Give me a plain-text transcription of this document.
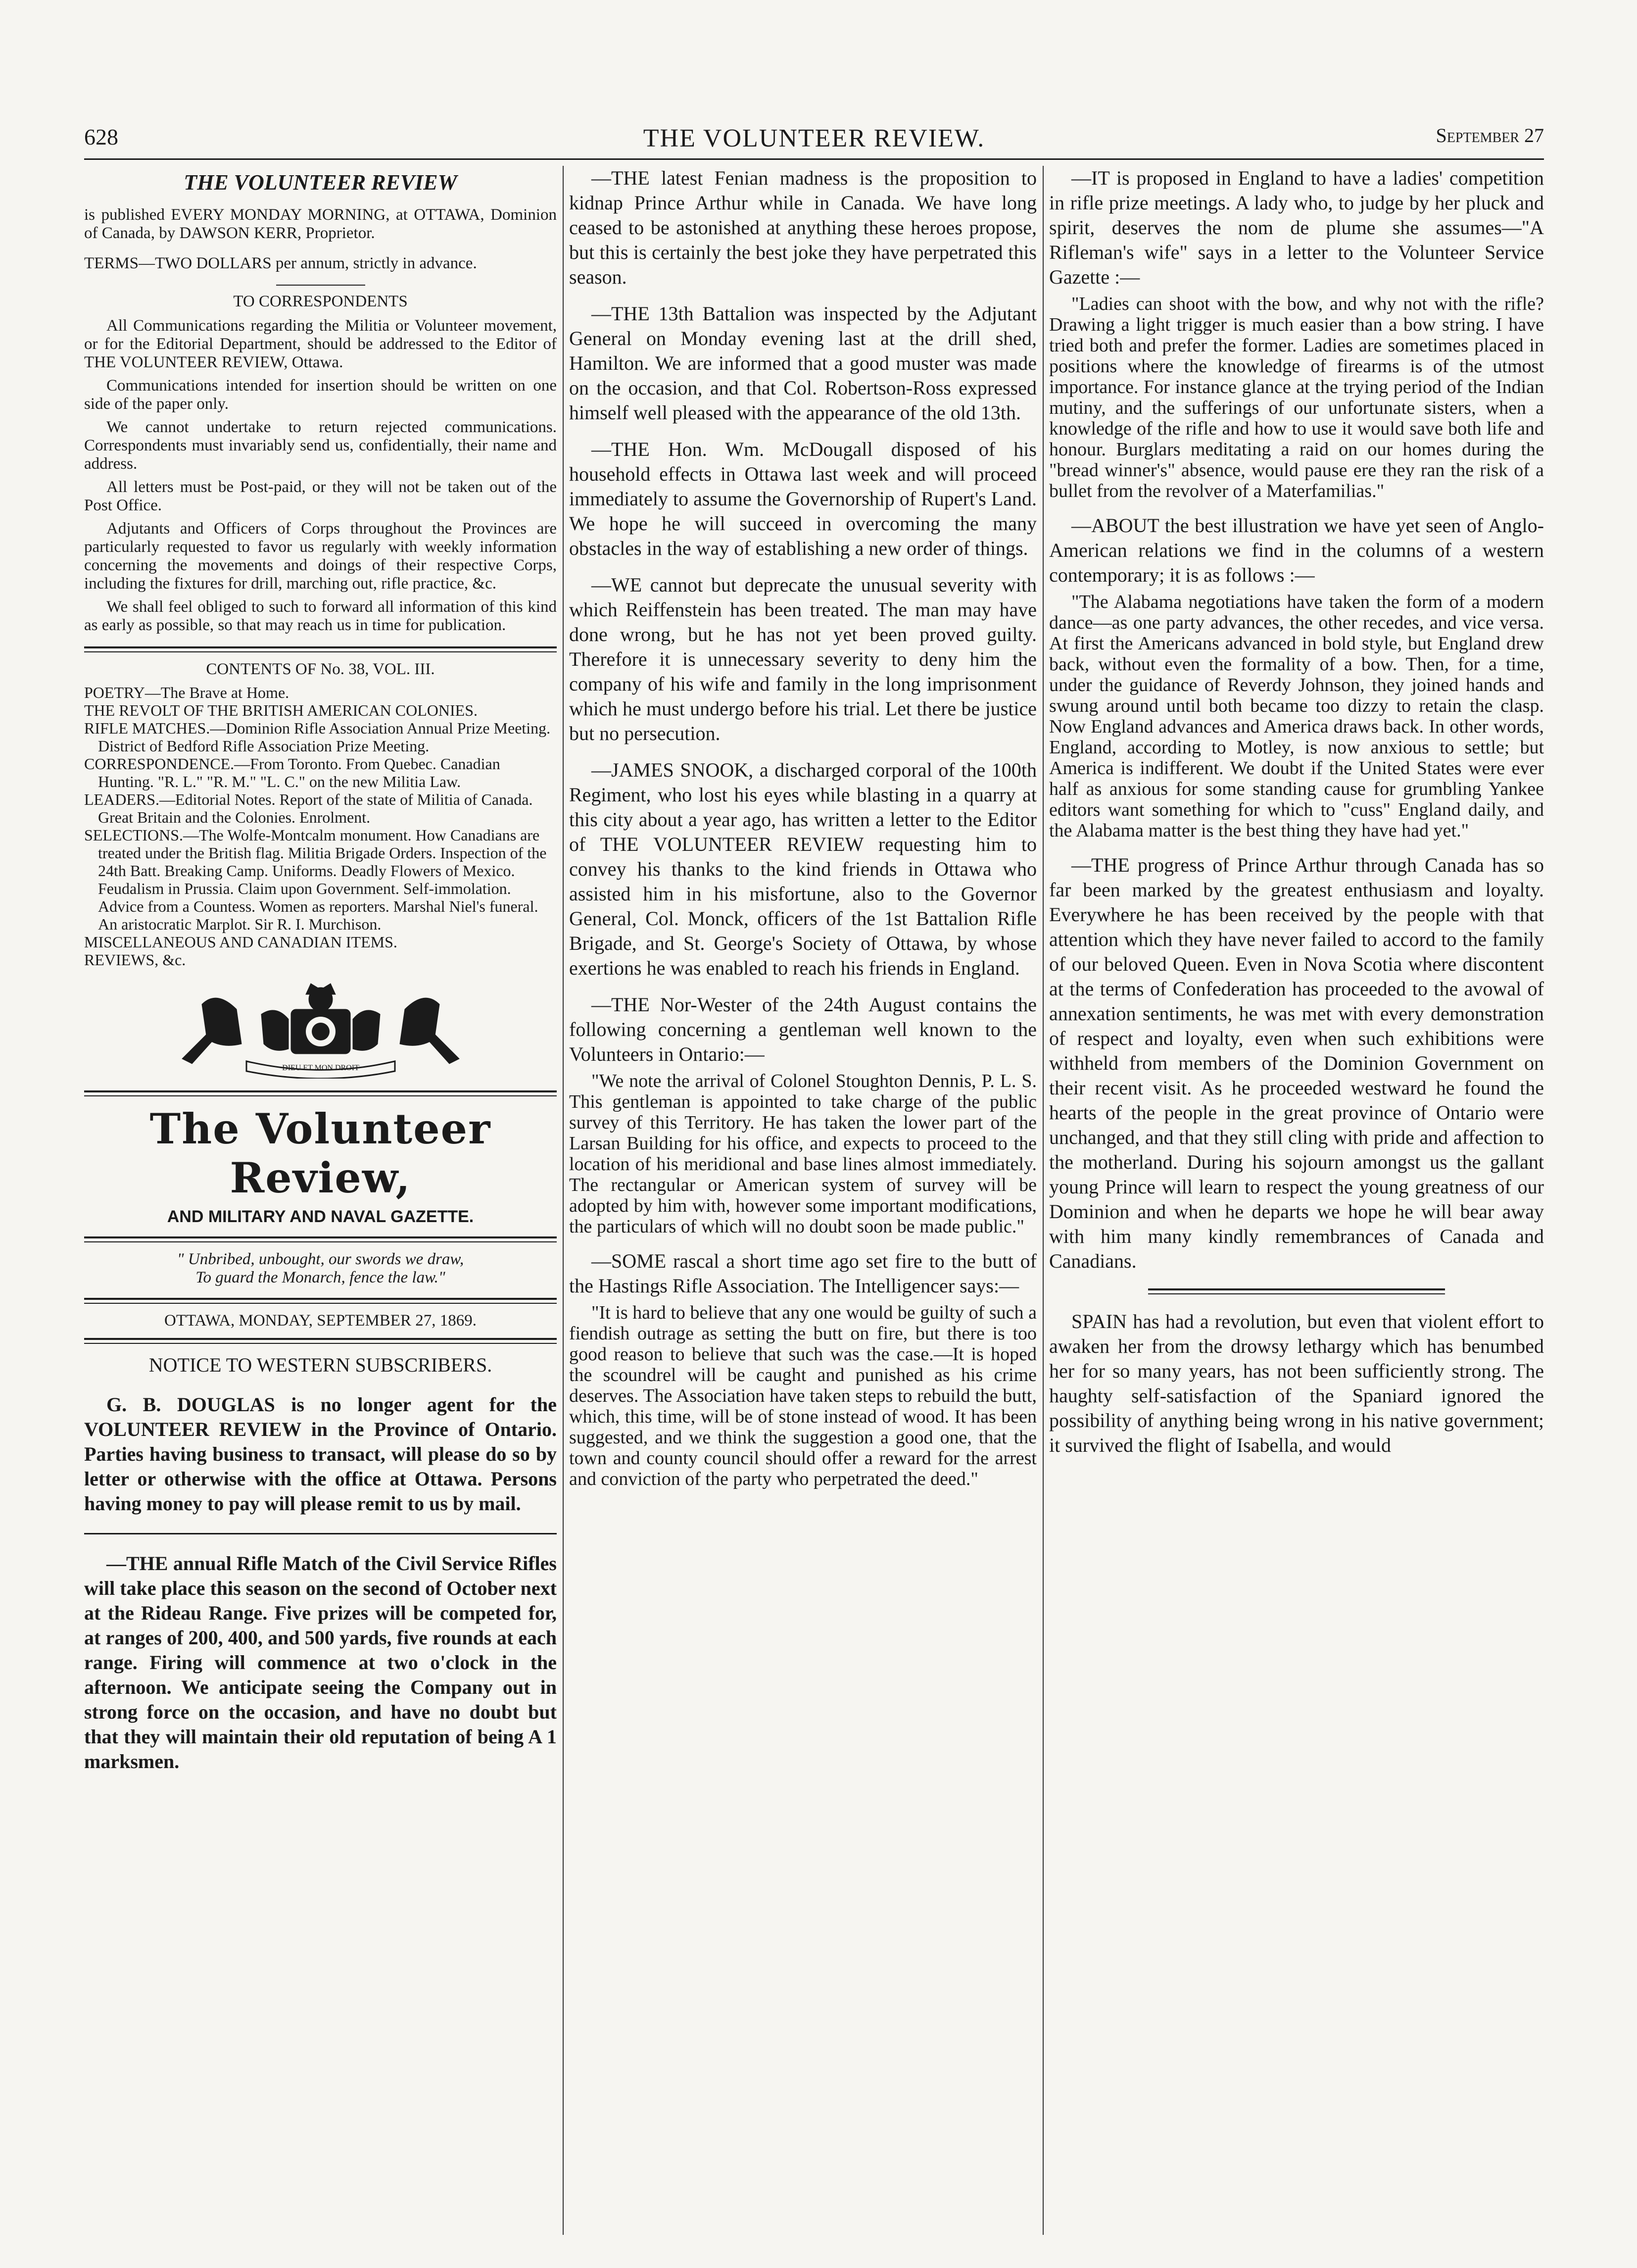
628	THE VOLUNTEER REVIEW.	September 27
THE VOLUNTEER REVIEW

is published EVERY MONDAY MORNING, at OTTAWA, Dominion of Canada, by DAWSON KERR, Proprietor.

TERMS—TWO DOLLARS per annum, strictly in advance.

TO CORRESPONDENTS

All Communications regarding the Militia or Volunteer movement, or for the Editorial Department, should be addressed to the Editor of THE VOLUNTEER REVIEW, Ottawa.

Communications intended for insertion should be written on one side of the paper only.

We cannot undertake to return rejected communications. Correspondents must invariably send us, confidentially, their name and address.

All letters must be Post-paid, or they will not be taken out of the Post Office.

Adjutants and Officers of Corps throughout the Provinces are particularly requested to favor us regularly with weekly information concerning the movements and doings of their respective Corps, including the fixtures for drill, marching out, rifle practice, &c.

We shall feel obliged to such to forward all information of this kind as early as possible, so that may reach us in time for publication.

CONTENTS OF No. 38, VOL. III.

POETRY—The Brave at Home.

THE REVOLT OF THE BRITISH AMERICAN COLONIES.

RIFLE MATCHES.—Dominion Rifle Association Annual Prize Meeting. District of Bedford Rifle Association Prize Meeting.

CORRESPONDENCE.—From Toronto. From Quebec. Canadian Hunting. "R. L." "R. M." "L. C." on the new Militia Law.

LEADERS.—Editorial Notes. Report of the state of Militia of Canada. Great Britain and the Colonies. Enrolment.

SELECTIONS.—The Wolfe-Montcalm monument. How Canadians are treated under the British flag. Militia Brigade Orders. Inspection of the 24th Batt. Breaking Camp. Uniforms. Deadly Flowers of Mexico. Feudalism in Prussia. Claim upon Government. Self-immolation. Advice from a Countess. Women as reporters. Marshal Niel's funeral. An aristocratic Marplot. Sir R. I. Murchison.

MISCELLANEOUS AND CANADIAN ITEMS.

REVIEWS, &c.

DIEU ET MON DROIT
The Volunteer Review,
AND MILITARY AND NAVAL GAZETTE.
" Unbribed, unbought, our swords we draw,
To guard the Monarch, fence the law."
OTTAWA, MONDAY, SEPTEMBER 27, 1869.
NOTICE TO WESTERN SUBSCRIBERS.

G. B. DOUGLAS is no longer agent for the VOLUNTEER REVIEW in the Province of Ontario. Parties having business to transact, will please do so by letter or otherwise with the office at Ottawa. Persons having money to pay will please remit to us by mail.

—THE annual Rifle Match of the Civil Service Rifles will take place this season on the second of October next at the Rideau Range. Five prizes will be competed for, at ranges of 200, 400, and 500 yards, five rounds at each range. Firing will commence at two o'clock in the afternoon. We anticipate seeing the Company out in strong force on the occasion, and have no doubt but that they will maintain their old reputation of being A 1 marksmen.

—THE latest Fenian madness is the proposition to kidnap Prince Arthur while in Canada. We have long ceased to be astonished at anything these heroes propose, but this is certainly the best joke they have perpetrated this season.

—THE 13th Battalion was inspected by the Adjutant General on Monday evening last at the drill shed, Hamilton. We are informed that a good muster was made on the occasion, and that Col. Robertson-Ross expressed himself well pleased with the appearance of the old 13th.

—THE Hon. Wm. McDougall disposed of his household effects in Ottawa last week and will proceed immediately to assume the Governorship of Rupert's Land. We hope he will succeed in overcoming the many obstacles in the way of establishing a new order of things.

—WE cannot but deprecate the unusual severity with which Reiffenstein has been treated. The man may have done wrong, but he has not yet been proved guilty. Therefore it is unnecessary severity to deny him the company of his wife and family in the long imprisonment which he must undergo before his trial. Let there be justice but no persecution.

—JAMES SNOOK, a discharged corporal of the 100th Regiment, who lost his eyes while blasting in a quarry at this city about a year ago, has written a letter to the Editor of THE VOLUNTEER REVIEW requesting him to convey his thanks to the kind friends in Ottawa who assisted him in his misfortune, also to the Governor General, Col. Monck, officers of the 1st Battalion Rifle Brigade, and St. George's Society of Ottawa, by whose exertions he was enabled to reach his friends in England.

—THE Nor-Wester of the 24th August contains the following concerning a gentleman well known to the Volunteers in Ontario:—

"We note the arrival of Colonel Stoughton Dennis, P. L. S. This gentleman is appointed to take charge of the public survey of this Territory. He has taken the lower part of the Larsan Building for his office, and expects to proceed to the location of his meridional and base lines almost immediately. The rectangular or American system of survey will be adopted by him with, however some important modifications, the particulars of which will no doubt soon be made public."

—SOME rascal a short time ago set fire to the butt of the Hastings Rifle Association. The Intelligencer says:—

"It is hard to believe that any one would be guilty of such a fiendish outrage as setting the butt on fire, but there is too good reason to believe that such was the case.—It is hoped the scoundrel will be caught and punished as his crime deserves. The Association have taken steps to rebuild the butt, which, this time, will be of stone instead of wood. It has been suggested, and we think the suggestion a good one, that the town and county council should offer a reward for the arrest and conviction of the party who perpetrated the deed."

—IT is proposed in England to have a ladies' competition in rifle prize meetings. A lady who, to judge by her pluck and spirit, deserves the nom de plume she assumes—"A Rifleman's wife" says in a letter to the Volunteer Service Gazette :—

"Ladies can shoot with the bow, and why not with the rifle? Drawing a light trigger is much easier than a bow string. I have tried both and prefer the former. Ladies are sometimes placed in positions where the knowledge of firearms is of the utmost importance. For instance glance at the trying period of the Indian mutiny, and the sufferings of our unfortunate sisters, when a knowledge of the rifle and how to use it would save both life and honour. Burglars meditating a raid on our homes during the "bread winner's" absence, would pause ere they ran the risk of a bullet from the revolver of a Materfamilias."

—ABOUT the best illustration we have yet seen of Anglo-American relations we find in the columns of a western contemporary; it is as follows :—

"The Alabama negotiations have taken the form of a modern dance—as one party advances, the other recedes, and vice versa. At first the Americans advanced in bold style, but England drew back, without even the formality of a bow. Then, for a time, under the guidance of Reverdy Johnson, they joined hands and swung around until both became too dizzy to retain the clasp. Now England advances and America draws back. In other words, England, according to Motley, is now anxious to settle; but America is indifferent. We doubt if the United States were ever half as anxious for some standing cause for grumbling Yankee editors want something for which to "cuss" England daily, and the Alabama matter is the best thing they have had yet."

—THE progress of Prince Arthur through Canada has so far been marked by the greatest enthusiasm and loyalty. Everywhere he has been received by the people with that attention which they have never failed to accord to the family of our beloved Queen. Even in Nova Scotia where discontent at the terms of Confederation has proceeded to the avowal of annexation sentiments, he was met with every demonstration of respect and loyalty, even when such exhibitions were withheld from members of the Dominion Government on their recent visit. As he proceeded westward he found the hearts of the people in the great province of Ontario were unchanged, and that they still cling with pride and affection to the motherland. During his sojourn amongst us the gallant young Prince will learn to respect the young greatness of our Dominion and when he departs we hope he will bear away with him many kindly remembrances of Canada and Canadians.

SPAIN has had a revolution, but even that violent effort to awaken her from the drowsy lethargy which has benumbed her for so many years, has not been sufficiently strong. The haughty self-satisfaction of the Spaniard ignored the possibility of anything being wrong in his native government; it survived the flight of Isabella, and would
